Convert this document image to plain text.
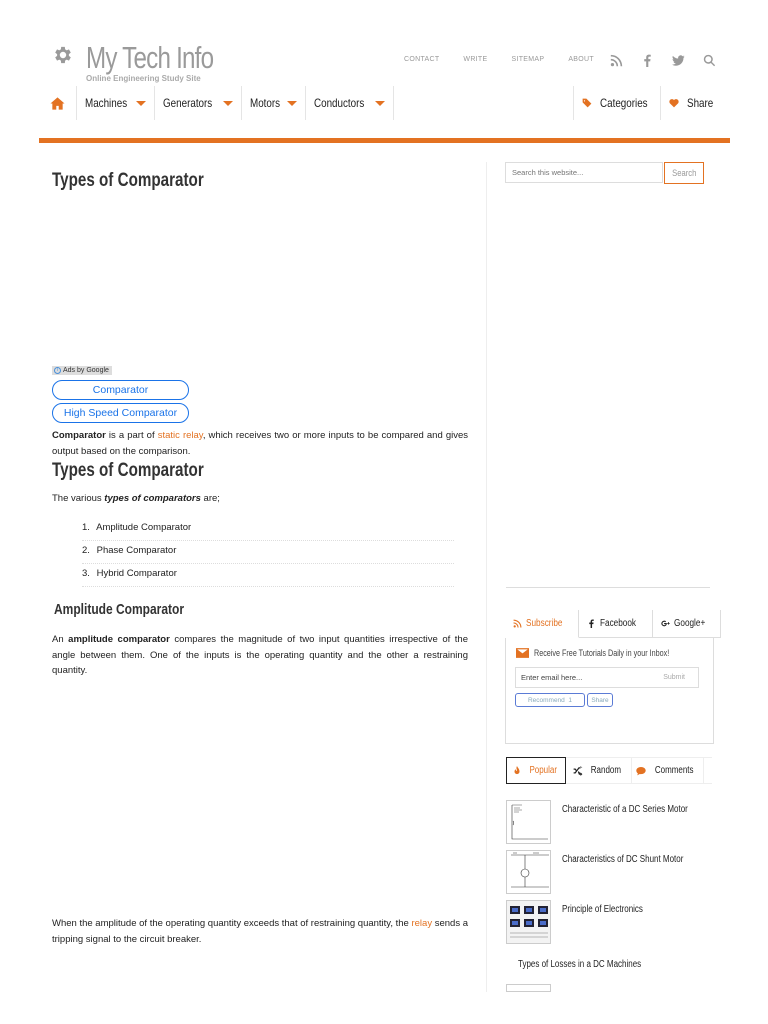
My Tech Info
Online Engineering Study Site
CONTACT	WRITE	SITEMAP	ABOUT
Machines	Generators	Motors	Conductors	Categories	Share
Types of Comparator
i Ads by Google
Comparator
High Speed Comparator

Comparator is a part of static relay, which receives two or more inputs to be compared and gives output based on the comparison.

Types of Comparator

The various types of comparators are;

1. Amplitude Comparator
2. Phase Comparator
3. Hybrid Comparator
Amplitude Comparator

An amplitude comparator compares the magnitude of two input quantities irrespective of the angle between them. One of the inputs is the operating quantity and the other a restraining quantity.

When the amplitude of the operating quantity exceeds that of restraining quantity, the relay sends a tripping signal to the circuit breaker.

Search this website...
Search
Subscribe	Facebook	Google+
Receive Free Tutorials Daily in your Inbox!
Enter email here...	Submit
Recommend
1	Share
Popular	Random	Comments
Characteristic of a DC Series Motor
Characteristics of DC Shunt Motor
Principle of Electronics
Types of Losses in a DC Machines
